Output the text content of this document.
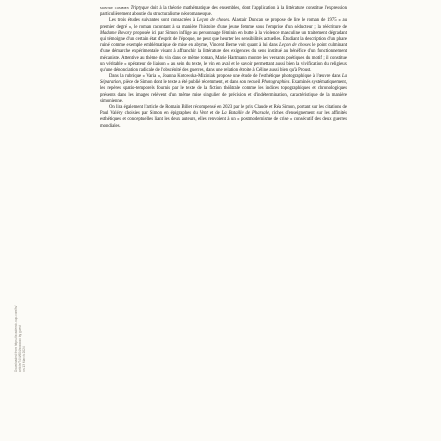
Downloaded from https://academic.oup.com/fs/ article/74/4/604/xxxxxxx by guest on 13 March 2024

montre combien Triptyque doit à la théorie mathématique des ensembles, dont l'application à la littérature constitue l'expression particulièrement aboutie du structuralisme néoromanesque.

Les trois études suivantes sont consacrées à Leçon de choses. Alastair Duncan se propose de lire le roman de 1975 « au premier degré », le roman racontant à sa manière l'histoire d'une jeune femme sous l'emprise d'un séducteur ; la réécriture de Madame Bovary proposée ici par Simon inflige au personnage féminin en butte à la violence masculine un traitement dégradant qui témoigne d'un certain état d'esprit de l'époque, ne peut que heurter les sensibilités actuelles. Étudiant la description d'un phare ruiné comme exemple emblématique de mise en abyme, Vincent Berne voit quant à lui dans Leçon de choses le point culminant d'une démarche expérimentale visant à affranchir la littérature des exigences du sens institué au bénéfice d'un fonctionnement mécaniste. Attentive au thème du vin dans ce même roman, Marie Hartmann montre les versants poétiques du motif ; il constitue un véritable « opérateur de liaison » au sein du texte, le vin en aval et le savoir permettant aussi bien la vivification du religieux qu'une dénonciation radicale de l'obscénité des guerres, dans une relation étroite à Céline aussi bien qu'à Proust.

Dans la rubrique « Varia », Joanna Kotowska-Miziniak propose une étude de l'esthétique photographique à l'œuvre dans La Séparation, pièce de Simon dont le texte a été publié récemment, et dans son recueil Photographies. Examinés systématiquement, les repères spatio-temporels fournis par le texte de la fiction théâtrale comme les indices topographiques et chronologiques présents dans les images relèvent d'un même mise singulier de précision et d'indétermination, caractéristique de la manière simonienne.

On lira également l'article de Romain Billet récompensé en 2023 par le prix Claude et Réa Simon, portant sur les citations de Paul Valéry choisies par Simon en épigraphes du Vent et de La Bataille de Pharsale, riches d'enseignement sur les affinités esthétiques et conceptuelles liant les deux auteurs, elles renvoient à un « postmodernisme de crise » consécutif des deux guerres mondiales.
